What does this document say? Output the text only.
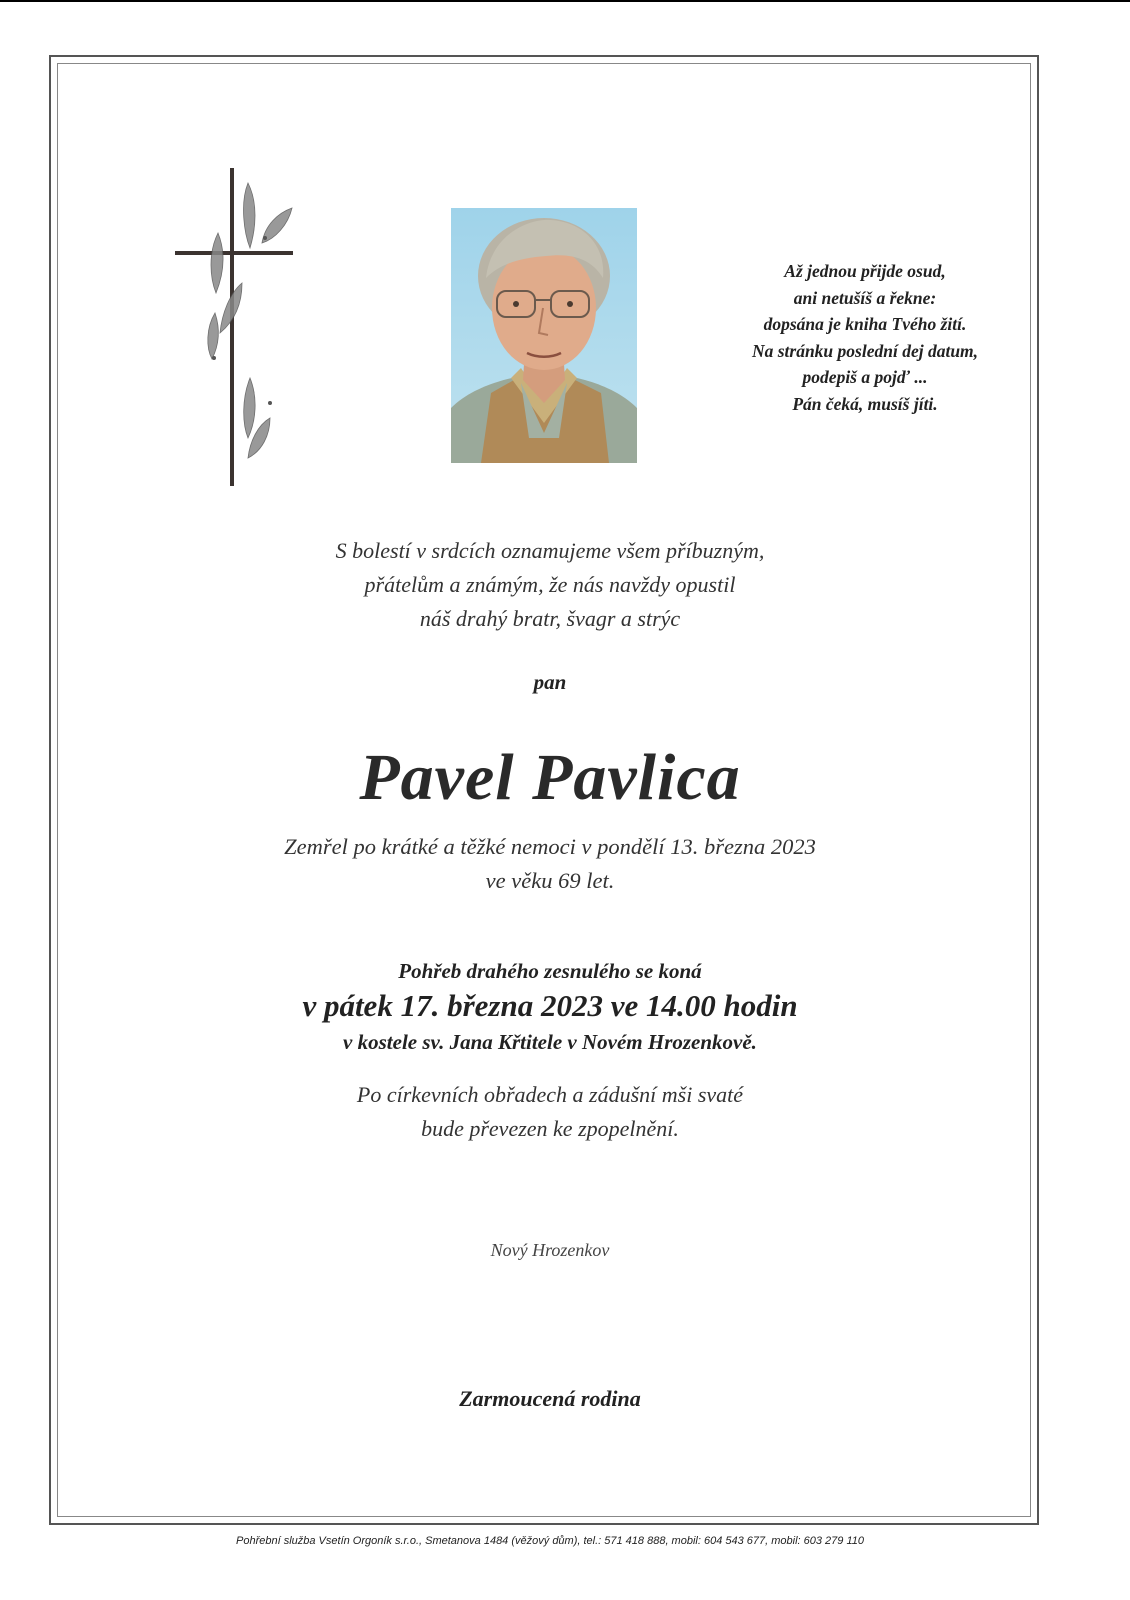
Až jednou přijde osud,
ani netušíš a řekne:
dopsána je kniha Tvého žití.
Na stránku poslední dej datum,
podepiš a pojď ...
Pán čeká, musíš jíti.
S bolestí v srdcích oznamujeme všem příbuzným,
přátelům a známým, že nás navždy opustil
náš drahý bratr, švagr a strýc
pan
Pavel Pavlica
Zemřel po krátké a těžké nemoci v pondělí 13. března 2023
ve věku 69 let.
Pohřeb drahého zesnulého se koná
v pátek 17. března 2023 ve 14.00 hodin
v kostele sv. Jana Křtitele v Novém Hrozenkově.
Po církevních obřadech a zádušní mši svaté
bude převezen ke zpopelnění.
Nový Hrozenkov
Zarmoucená rodina
Pohřební služba Vsetín Orgoník s.r.o., Smetanova 1484 (věžový dům), tel.: 571 418 888, mobil: 604 543 677, mobil: 603 279 110
